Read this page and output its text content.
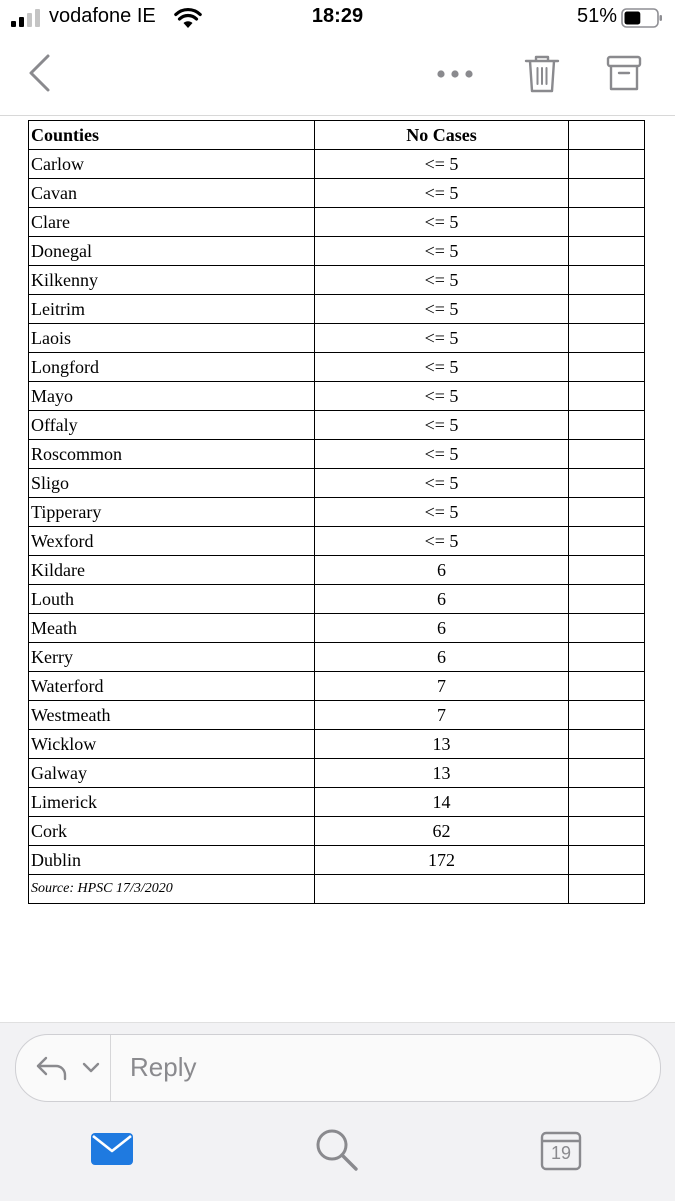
vodafone IE	18:29	51%
Counties	No Cases	
Carlow	<= 5	
Cavan	<= 5	
Clare	<= 5	
Donegal	<= 5	
Kilkenny	<= 5	
Leitrim	<= 5	
Laois	<= 5	
Longford	<= 5	
Mayo	<= 5	
Offaly	<= 5	
Roscommon	<= 5	
Sligo	<= 5	
Tipperary	<= 5	
Wexford	<= 5	
Kildare	6	
Louth	6	
Meath	6	
Kerry	6	
Waterford	7	
Westmeath	7	
Wicklow	13	
Galway	13	
Limerick	14	
Cork	62	
Dublin	172	
Source: HPSC 17/3/2020		
Reply
19
